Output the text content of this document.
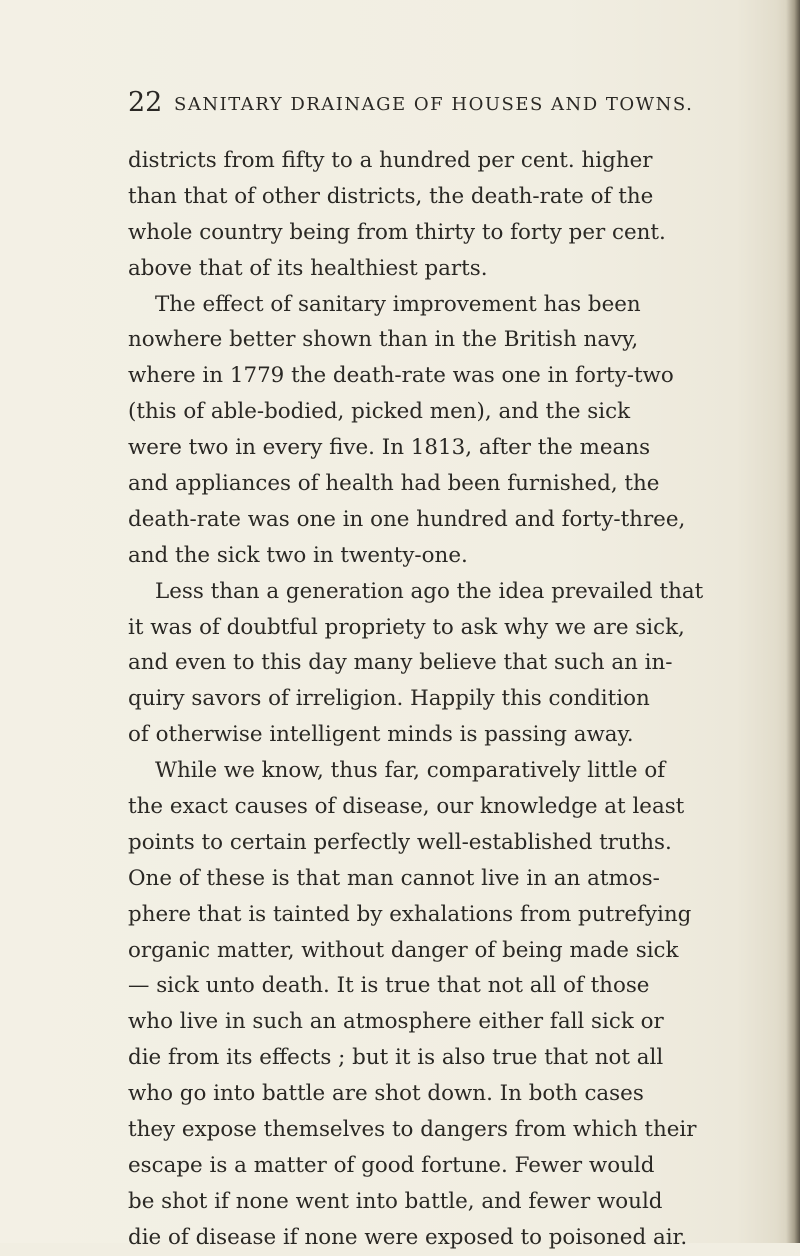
22 SANITARY DRAINAGE OF HOUSES AND TOWNS.
districts from fifty to a hundred per cent. higher
than that of other districts, the death-rate of the
whole country being from thirty to forty per cent.
above that of its healthiest parts.
The effect of sanitary improvement has been
nowhere better shown than in the British navy,
where in 1779 the death-rate was one in forty-two
(this of able-bodied, picked men), and the sick
were two in every five. In 1813, after the means
and appliances of health had been furnished, the
death-rate was one in one hundred and forty-three,
and the sick two in twenty-one.
Less than a generation ago the idea prevailed that
it was of doubtful propriety to ask why we are sick,
and even to this day many believe that such an in-
quiry savors of irreligion. Happily this condition
of otherwise intelligent minds is passing away.
While we know, thus far, comparatively little of
the exact causes of disease, our knowledge at least
points to certain perfectly well-established truths.
One of these is that man cannot live in an atmos-
phere that is tainted by exhalations from putrefying
organic matter, without danger of being made sick
— sick unto death. It is true that not all of those
who live in such an atmosphere either fall sick or
die from its effects ; but it is also true that not all
who go into battle are shot down. In both cases
they expose themselves to dangers from which their
escape is a matter of good fortune. Fewer would
be shot if none went into battle, and fewer would
die of disease if none were exposed to poisoned air.
